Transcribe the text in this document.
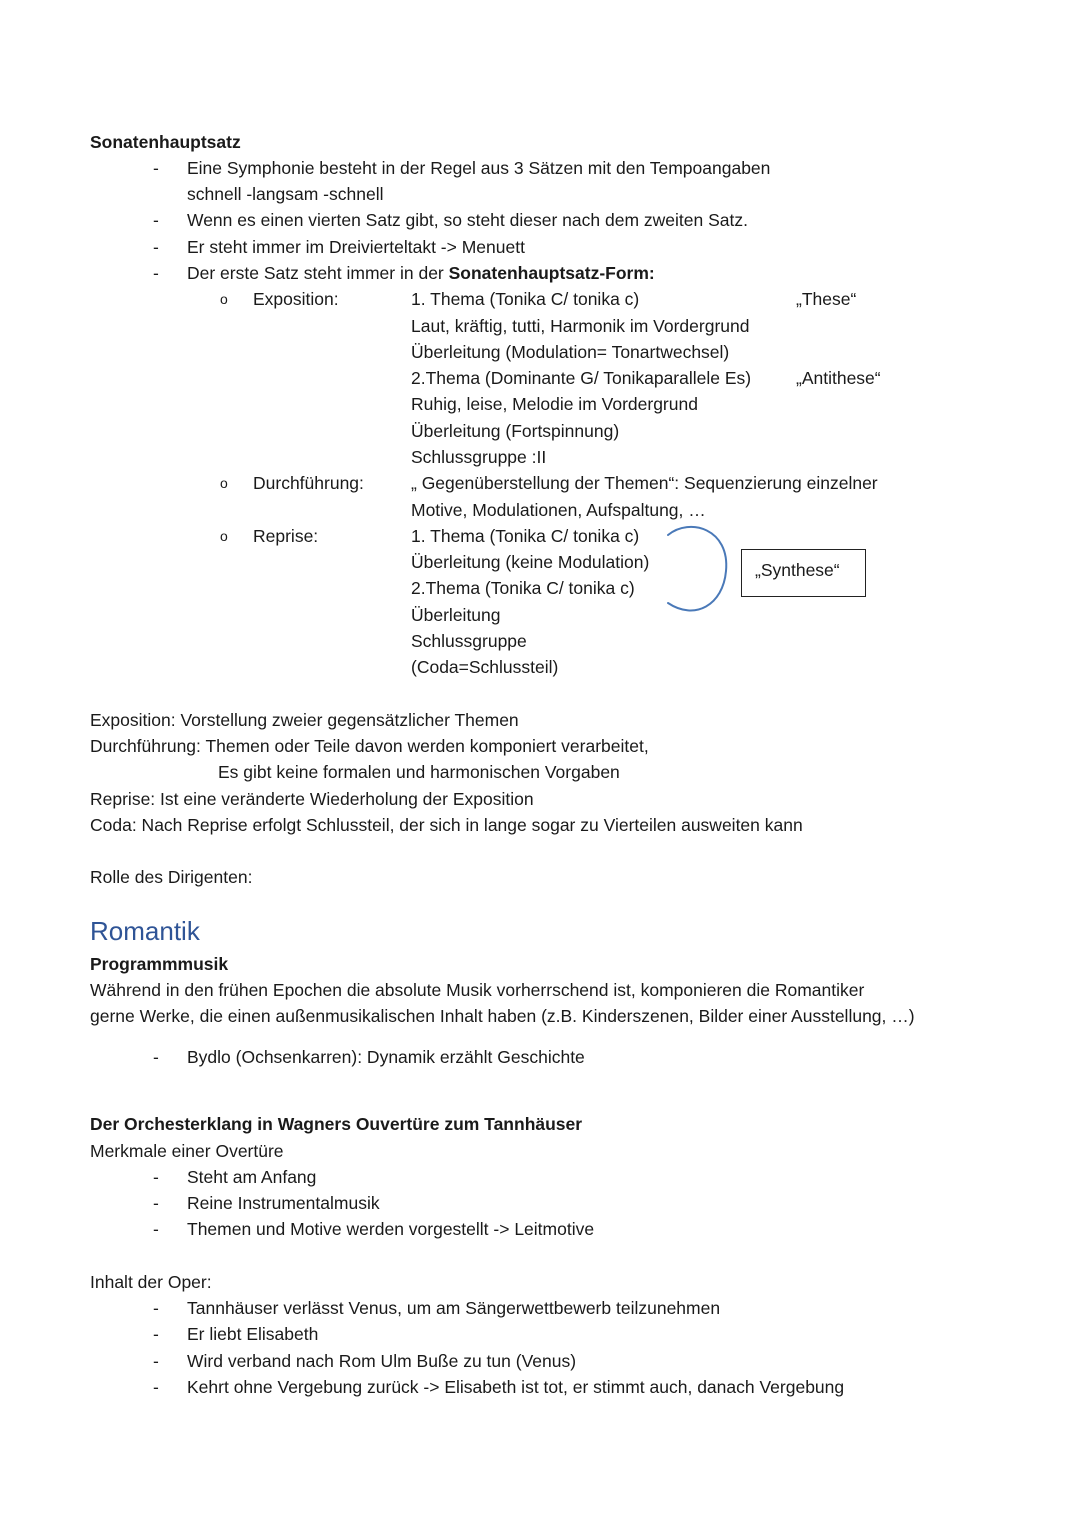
Sonatenhauptsatz
-	Eine Symphonie besteht in der Regel aus 3 Sätzen mit den Tempoangaben
schnell -langsam -schnell
-	Wenn es einen vierten Satz gibt, so steht dieser nach dem zweiten Satz.
-	Er steht immer im Dreivierteltakt -> Menuett
-	Der erste Satz steht immer in der Sonatenhauptsatz-Form:
o Exposition:	1. Thema (Tonika C/ tonika c)	„These“
Laut, kräftig, tutti, Harmonik im Vordergrund
Überleitung (Modulation= Tonartwechsel)
2.Thema (Dominante G/ Tonikaparallele Es)	„Antithese“
Ruhig, leise, Melodie im Vordergrund
Überleitung (Fortspinnung)
Schlussgruppe :II
o Durchführung:	„ Gegenüberstellung der Themen“: Sequenzierung einzelner
Motive, Modulationen, Aufspaltung, …
o Reprise:	1. Thema (Tonika C/ tonika c)
Überleitung (keine Modulation)
2.Thema (Tonika C/ tonika c)
Überleitung
Schlussgruppe
(Coda=Schlussteil)
„Synthese“
Exposition: Vorstellung zweier gegensätzlicher Themen
Durchführung: Themen oder Teile davon werden komponiert verarbeitet,
Es gibt keine formalen und harmonischen Vorgaben
Reprise: Ist eine veränderte Wiederholung der Exposition
Coda: Nach Reprise erfolgt Schlussteil, der sich in lange sogar zu Vierteilen ausweiten kann
Rolle des Dirigenten:
Romantik
Programmmusik
Während in den frühen Epochen die absolute Musik vorherrschend ist, komponieren die Romantiker
gerne Werke, die einen außenmusikalischen Inhalt haben (z.B. Kinderszenen, Bilder einer Ausstellung, …)
-	Bydlo (Ochsenkarren): Dynamik erzählt Geschichte
Der Orchesterklang in Wagners Ouvertüre zum Tannhäuser
Merkmale einer Overtüre
-	Steht am Anfang
-	Reine Instrumentalmusik
-	Themen und Motive werden vorgestellt -> Leitmotive
Inhalt der Oper:
-	Tannhäuser verlässt Venus, um am Sängerwettbewerb teilzunehmen
-	Er liebt Elisabeth
-	Wird verband nach Rom Ulm Buße zu tun (Venus)
-	Kehrt ohne Vergebung zurück -> Elisabeth ist tot, er stimmt auch, danach Vergebung
